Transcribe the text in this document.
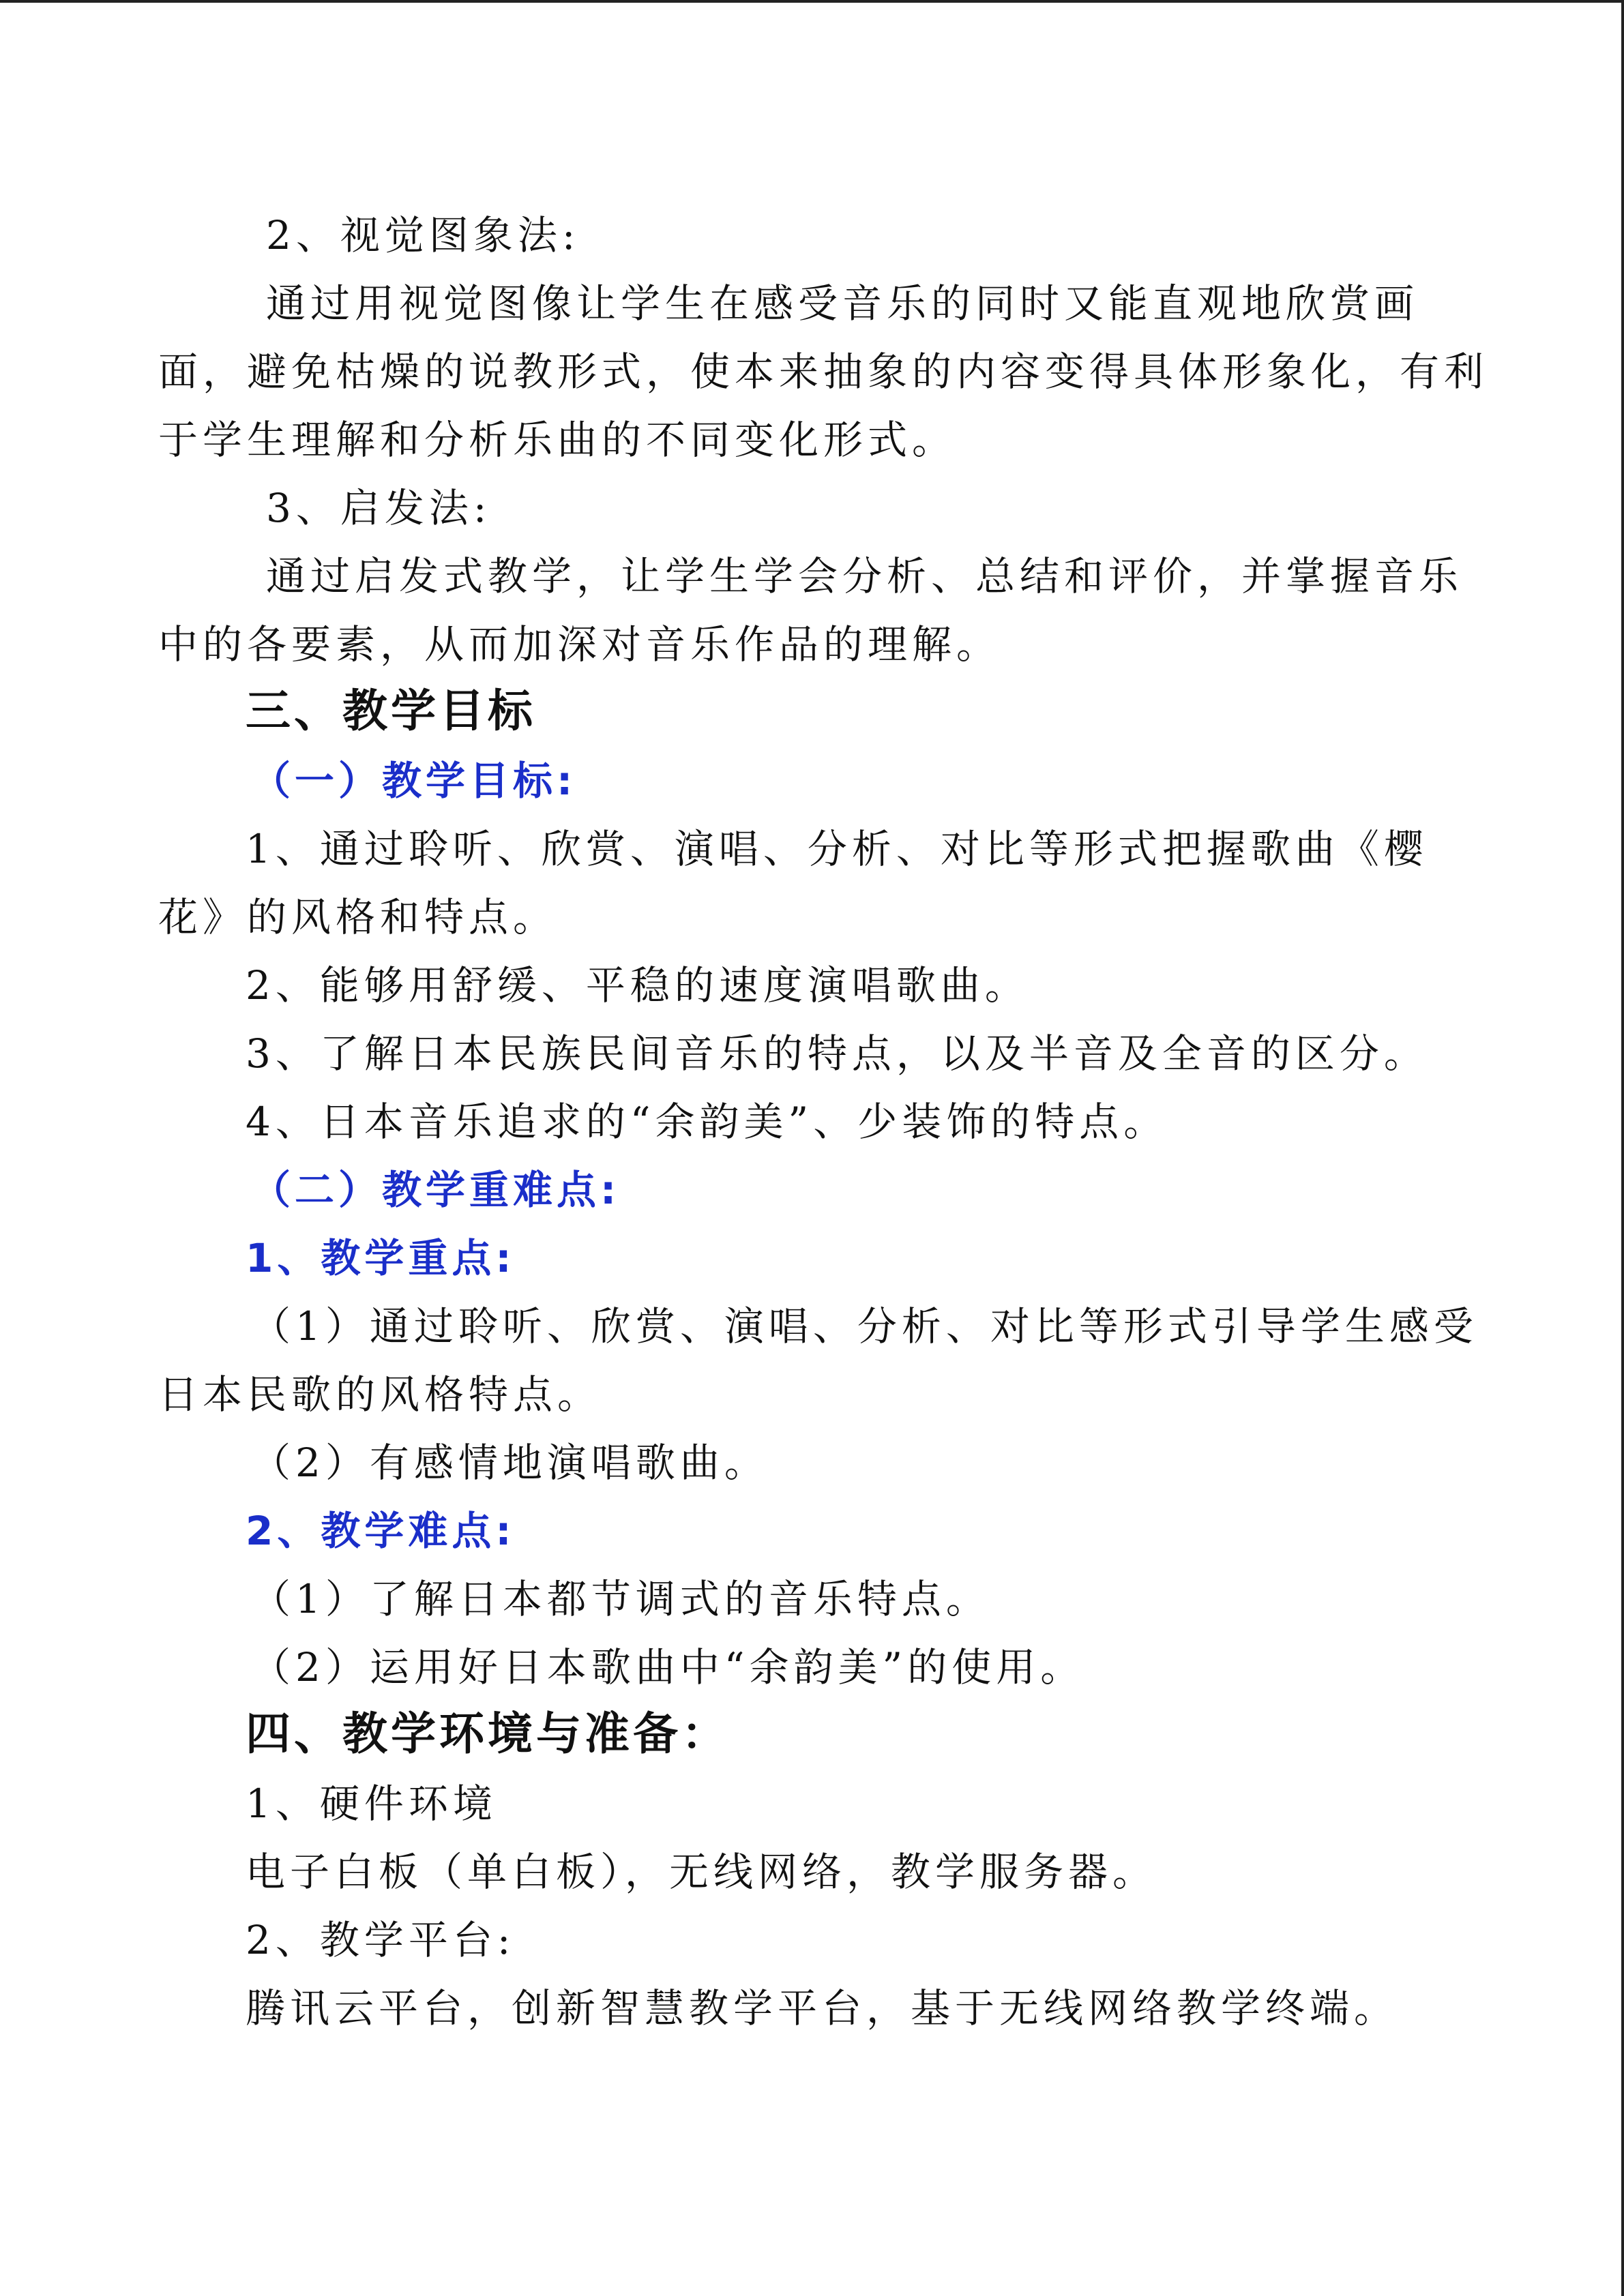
2、视觉图象法:
通过用视觉图像让学生在感受音乐的同时又能直观地欣赏画
面，避免枯燥的说教形式，使本来抽象的内容变得具体形象化，有利
于学生理解和分析乐曲的不同变化形式。
3、启发法:
通过启发式教学，让学生学会分析、总结和评价，并掌握音乐
中的各要素，从而加深对音乐作品的理解。
三、教学目标
（一）教学目标:
1、通过聆听、欣赏、演唱、分析、对比等形式把握歌曲《樱
花》的风格和特点。
2、能够用舒缓、平稳的速度演唱歌曲。
3、了解日本民族民间音乐的特点，以及半音及全音的区分。
4、日本音乐追求的“余韵美”、少装饰的特点。
（二）教学重难点:
1、教学重点:
（1）通过聆听、欣赏、演唱、分析、对比等形式引导学生感受
日本民歌的风格特点。
（2）有感情地演唱歌曲。
2、教学难点:
（1）了解日本都节调式的音乐特点。
（2）运用好日本歌曲中“余韵美”的使用。
四、教学环境与准备：
1、硬件环境
电子白板（单白板），无线网络，教学服务器。
2、教学平台:
腾讯云平台，创新智慧教学平台，基于无线网络教学终端。
